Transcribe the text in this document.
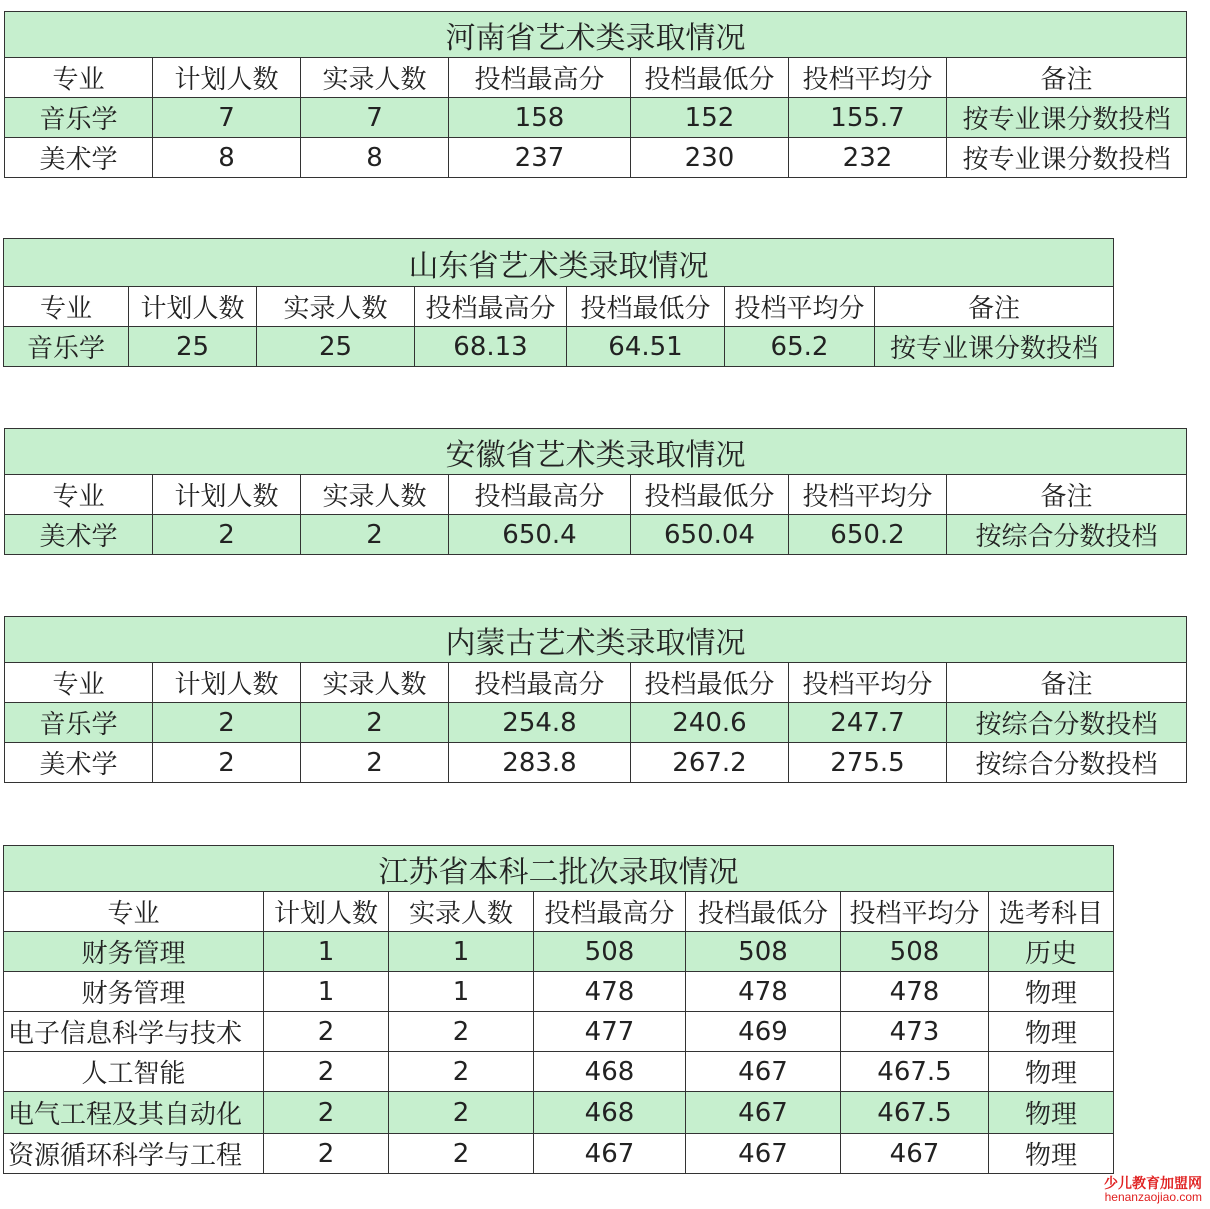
河南省艺术类录取情况						
专业	计划人数	实录人数	投档最高分	投档最低分	投档平均分	备注
音乐学	7	7	158	152	155.7	按专业课分数投档
美术学	8	8	237	230	232	按专业课分数投档
山东省艺术类录取情况						
专业	计划人数	实录人数	投档最高分	投档最低分	投档平均分	备注
音乐学	25	25	68.13	64.51	65.2	按专业课分数投档
安徽省艺术类录取情况						
专业	计划人数	实录人数	投档最高分	投档最低分	投档平均分	备注
美术学	2	2	650.4	650.04	650.2	按综合分数投档
内蒙古艺术类录取情况						
专业	计划人数	实录人数	投档最高分	投档最低分	投档平均分	备注
音乐学	2	2	254.8	240.6	247.7	按综合分数投档
美术学	2	2	283.8	267.2	275.5	按综合分数投档
江苏省本科二批次录取情况						
专业	计划人数	实录人数	投档最高分	投档最低分	投档平均分	选考科目
财务管理	1	1	508	508	508	历史
财务管理	1	1	478	478	478	物理
电子信息科学与技术	2	2	477	469	473	物理
人工智能	2	2	468	467	467.5	物理
电气工程及其自动化	2	2	468	467	467.5	物理
资源循环科学与工程	2	2	467	467	467	物理
少儿教育加盟网
henanzaojiao.com
